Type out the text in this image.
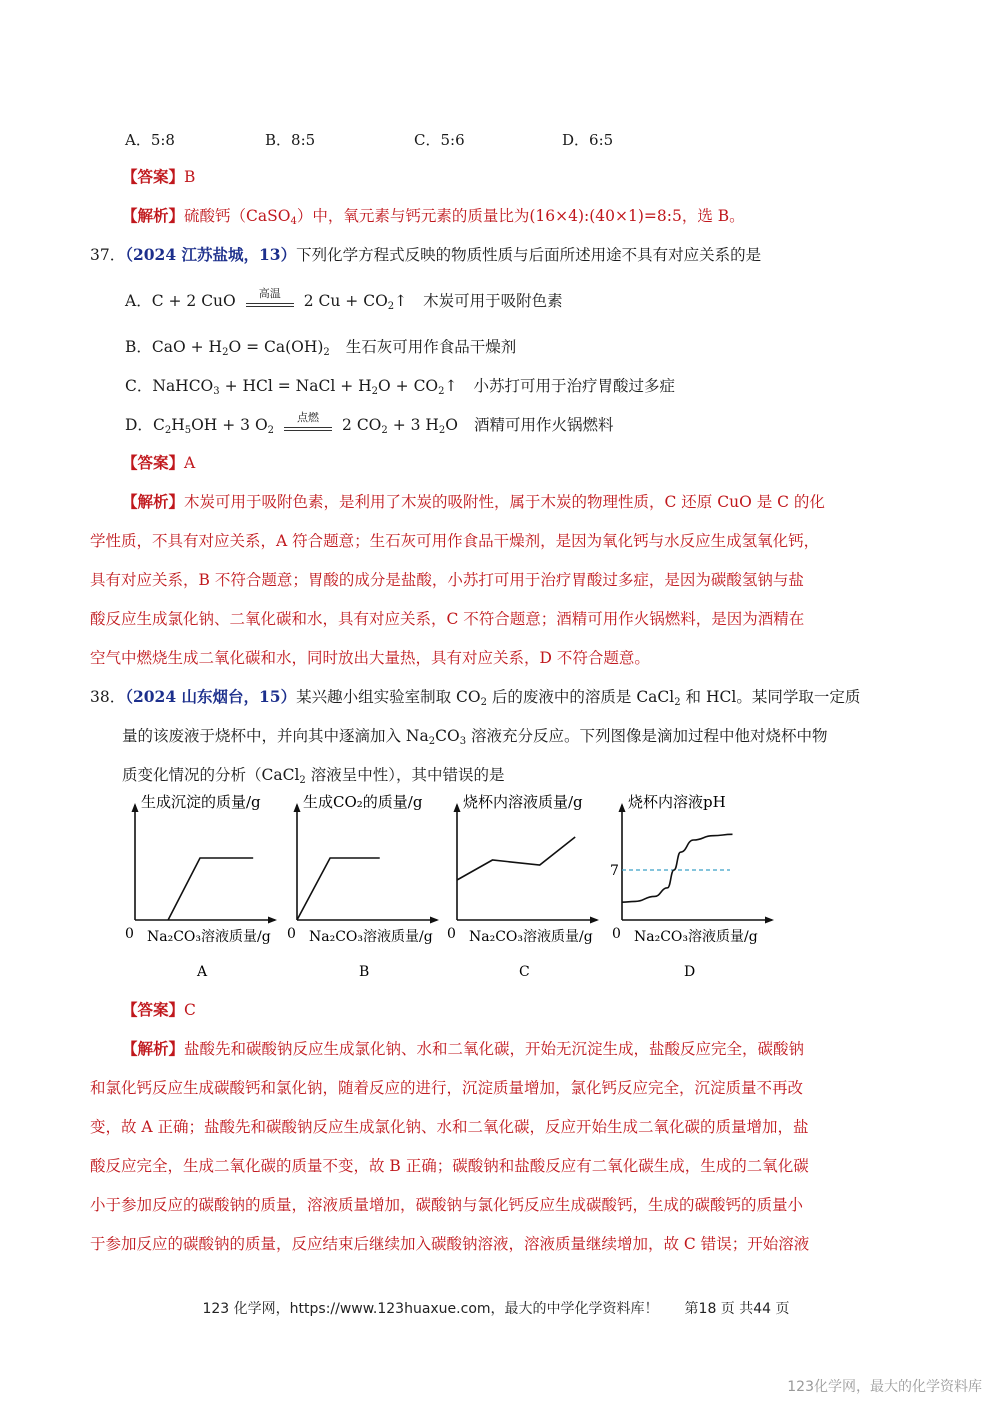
A．5:8	B．8:5	C．5:6	D．6:5
【答案】B
【解析】硫酸钙（CaSO$_4$）中，氧元素与钙元素的质量比为(16×4):(40×1)=8:5，选 B。
37．（2024 江苏盐城，13）下列化学方程式反映的物质性质与后面所述用途不具有对应关系的是
A．C + 2 CuO	高温	2 $Cu + CO_2↑$ 木炭可用于吸附色素
B．CaO + $H_2O = Ca(OH)_2$ 生石灰可用作食品干燥剂
C．NaHCO$_3$ + HCl = NaCl + $H_2O$ + $CO_2↑$ 小苏打可用于治疗胃酸过多症
D．$C_2H_5OH + 3$ $O_2$
点燃	2 $CO_2 + 3$ $H_2O$ 酒精可用作火锅燃料
【答案】A
【解析】木炭可用于吸附色素，是利用了木炭的吸附性，属于木炭的物理性质，C 还原 CuO 是 C 的化
学性质，不具有对应关系，A 符合题意；生石灰可用作食品干燥剂，是因为氧化钙与水反应生成氢氧化钙，
具有对应关系，B 不符合题意；胃酸的成分是盐酸，小苏打可用于治疗胃酸过多症，是因为碳酸氢钠与盐
酸反应生成氯化钠、二氧化碳和水，具有对应关系，C 不符合题意；酒精可用作火锅燃料，是因为酒精在
空气中燃烧生成二氧化碳和水，同时放出大量热，具有对应关系，D 不符合题意。
38．（2024 山东烟台，15）某兴趣小组实验室制取 $CO_2$ 后的废液中的溶质是 CaCl$_2$ 和 HCl。某同学取一定质
量的该废液于烧杯中，并向其中逐滴加入 $Na_2CO_3$ 溶液充分反应。下列图像是滴加过程中他对烧杯中物
质变化情况的分析（CaCl$_2$ 溶液呈中性），其中错误的是
生成沉淀的质量/g
Na₂CO₃溶液质量/g
0
A
生成CO₂的质量/g
Na₂CO₃溶液质量/g
0
B
烧杯内溶液质量/g
Na₂CO₃溶液质量/g
0
C
烧杯内溶液pH
Na₂CO₃溶液质量/g
0
D
7
【答案】C
【解析】盐酸先和碳酸钠反应生成氯化钠、水和二氧化碳，开始无沉淀生成，盐酸反应完全，碳酸钠
和氯化钙反应生成碳酸钙和氯化钠，随着反应的进行，沉淀质量增加，氯化钙反应完全，沉淀质量不再改
变，故 A 正确；盐酸先和碳酸钠反应生成氯化钠、水和二氧化碳，反应开始生成二氧化碳的质量增加，盐
酸反应完全，生成二氧化碳的质量不变，故 B 正确；碳酸钠和盐酸反应有二氧化碳生成，生成的二氧化碳
小于参加反应的碳酸钠的质量，溶液质量增加，碳酸钠与氯化钙反应生成碳酸钙，生成的碳酸钙的质量小
于参加反应的碳酸钠的质量，反应结束后继续加入碳酸钠溶液，溶液质量继续增加，故 C 错误；开始溶液
123 化学网，https://www.123huaxue.com，最大的中学化学资料库！ 第18 页 共44 页
123化学网，最大的化学资料库
